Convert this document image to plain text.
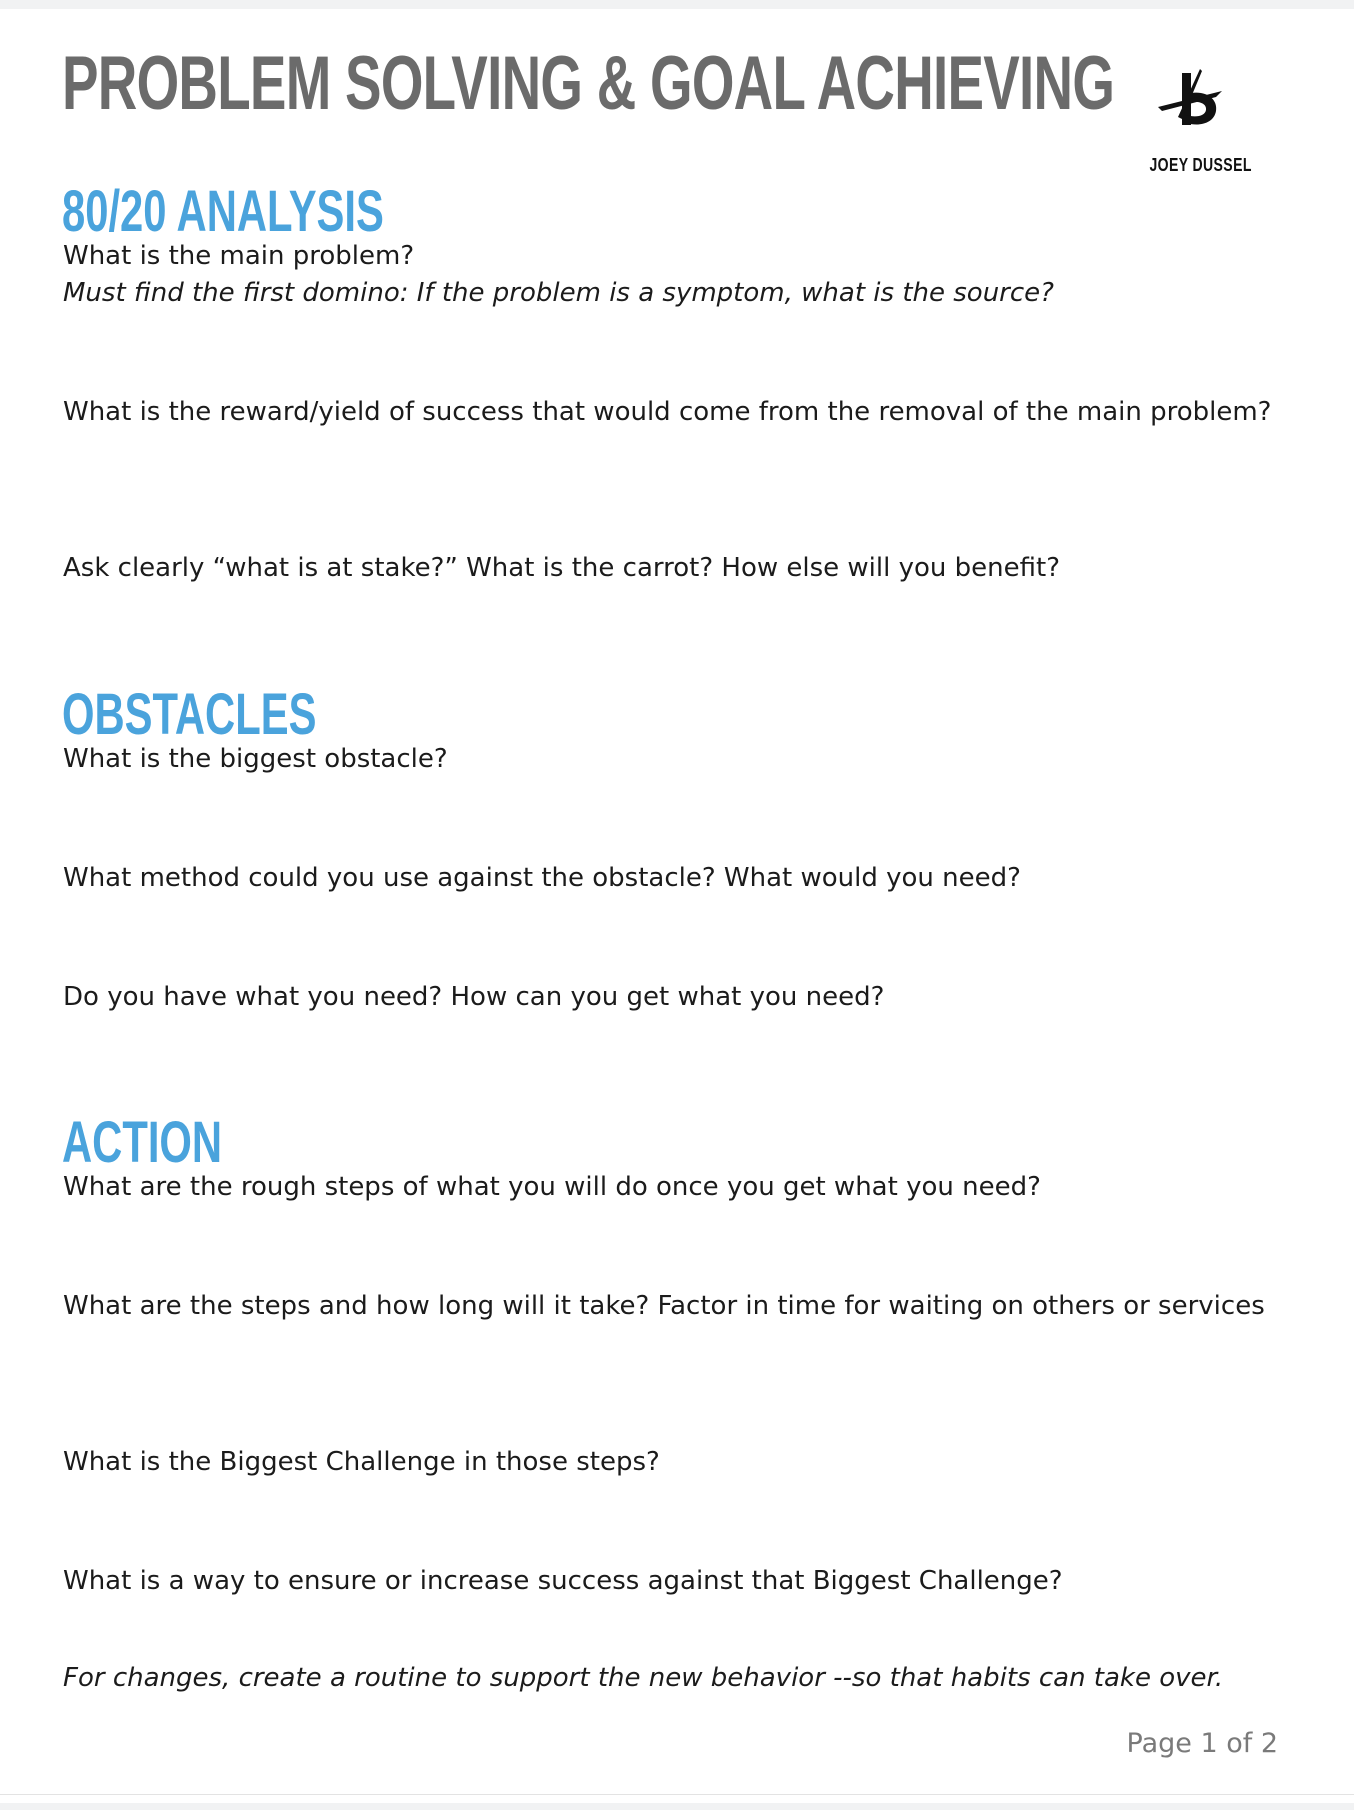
PROBLEM SOLVING & GOAL ACHIEVING
JOEY DUSSEL
80/20 ANALYSIS

What is the main problem?

Must find the first domino: If the problem is a symptom, what is the source?

What is the reward/yield of success that would come from the removal of the main problem?

Ask clearly “what is at stake?” What is the carrot? How else will you benefit?

OBSTACLES

What is the biggest obstacle?

What method could you use against the obstacle? What would you need?

Do you have what you need? How can you get what you need?

ACTION

What are the rough steps of what you will do once you get what you need?

What are the steps and how long will it take? Factor in time for waiting on others or services

What is the Biggest Challenge in those steps?

What is a way to ensure or increase success against that Biggest Challenge?

For changes, create a routine to support the new behavior --so that habits can take over.

Page 1 of 2
